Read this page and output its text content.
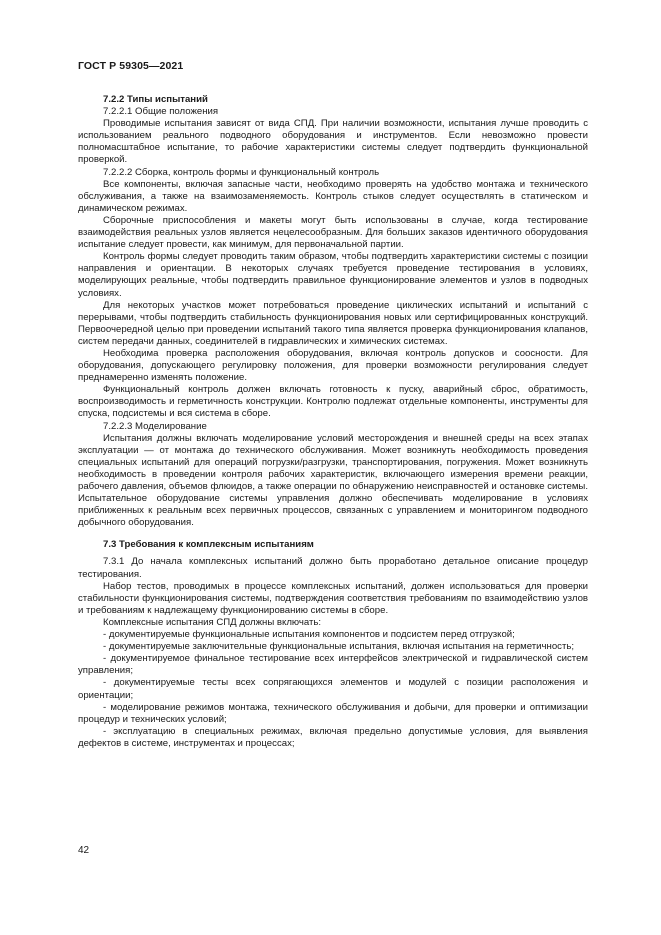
ГОСТ Р 59305—2021

7.2.2 Типы испытаний

7.2.2.1 Общие положения

Проводимые испытания зависят от вида СПД. При наличии возможности, испытания лучше проводить с использованием реального подводного оборудования и инструментов. Если невозможно провести полномасштабное испытание, то рабочие характеристики системы следует подтвердить функциональной проверкой.

7.2.2.2 Сборка, контроль формы и функциональный контроль

Все компоненты, включая запасные части, необходимо проверять на удобство монтажа и технического обслуживания, а также на взаимозаменяемость. Контроль стыков следует осуществлять в статическом и динамическом режимах.

Сборочные приспособления и макеты могут быть использованы в случае, когда тестирование взаимодействия реальных узлов является нецелесообразным. Для больших заказов идентичного оборудования испытание следует провести, как минимум, для первоначальной партии.

Контроль формы следует проводить таким образом, чтобы подтвердить характеристики системы с позиции направления и ориентации. В некоторых случаях требуется проведение тестирования в условиях, моделирующих реальные, чтобы подтвердить правильное функционирование элементов и узлов в подводных условиях.

Для некоторых участков может потребоваться проведение циклических испытаний и испытаний с перерывами, чтобы подтвердить стабильность функционирования новых или сертифицированных конструкций. Первоочередной целью при проведении испытаний такого типа является проверка функционирования клапанов, систем передачи данных, соединителей в гидравлических и химических системах.

Необходима проверка расположения оборудования, включая контроль допусков и соосности. Для оборудования, допускающего регулировку положения, для проверки возможности регулирования следует преднамеренно изменять положение.

Функциональный контроль должен включать готовность к пуску, аварийный сброс, обратимость, воспроизводимость и герметичность конструкции. Контролю подлежат отдельные компоненты, инструменты для спуска, подсистемы и вся система в сборе.

7.2.2.3 Моделирование

Испытания должны включать моделирование условий месторождения и внешней среды на всех этапах эксплуатации — от монтажа до технического обслуживания. Может возникнуть необходимость проведения специальных испытаний для операций погрузки/разгрузки, транспортирования, погружения. Может возникнуть необходимость в проведении контроля рабочих характеристик, включающего измерения времени реакции, рабочего давления, объемов флюидов, а также операции по обнаружению неисправностей и остановке системы. Испытательное оборудование системы управления должно обеспечивать моделирование в условиях приближенных к реальным всех первичных процессов, связанных с управлением и мониторингом подводного добычного оборудования.

7.3 Требования к комплексным испытаниям

7.3.1 До начала комплексных испытаний должно быть проработано детальное описание процедур тестирования.

Набор тестов, проводимых в процессе комплексных испытаний, должен использоваться для проверки стабильности функционирования системы, подтверждения соответствия требованиям по взаимодействию узлов и требованиям к надлежащему функционированию системы в сборе.

Комплексные испытания СПД должны включать:

- документируемые функциональные испытания компонентов и подсистем перед отгрузкой;

- документируемые заключительные функциональные испытания, включая испытания на герметичность;

- документируемое финальное тестирование всех интерфейсов электрической и гидравлической систем управления;

- документируемые тесты всех сопрягающихся элементов и модулей с позиции расположения и ориентации;

- моделирование режимов монтажа, технического обслуживания и добычи, для проверки и оптимизации процедур и технических условий;

- эксплуатацию в специальных режимах, включая предельно допустимые условия, для выявления дефектов в системе, инструментах и процессах;

42
